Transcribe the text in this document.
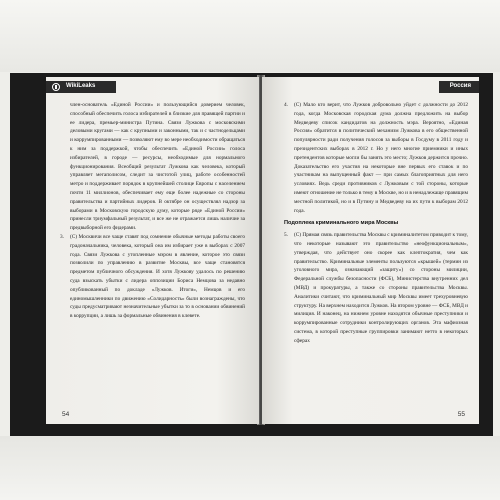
WikiLeaks

член-основатель «Единой России» и пользующийся доверием человек, способный обеспечить голоса избирателей в близкие для правящей партии и ее лидера, премьер-министра Путина. Связи Лужкова с московскими деловыми кругами — как с крупными и законными, так и с частнодельцами и коррумпированными — позволяют ему во мере необходимости обращаться к ним за поддержкой, чтобы обеспечить «Единой России» голоса избирателей, в городе — ресурсы, необходимые для нормального функционирования. Всеобщий результат Лужкова как человека, который управляет мегаполисом, следит за чистотой улиц, работе особенностей метро и поддерживает порядок в крупнейшей столице Европы с населением почти 11 миллионов, обеспечивает ему еще более надежные со стороны правительства и партийных лидеров. В октябре он осуществлял надзор за выборами в Московскую городскую думу, которые ряде «Единой России» принесли триумфальный результат, и все же не отражается лишь наличие за предвыборной его фидерами.

3. (С) Москвичи все чаще ставят под сомнение обычные методы работы своего градоначальника, человека, который она им избирает уже в выборах с 2007 года. Связи Лужкова с утопленные мэром в явление, которое это связи позволили по управлению в развитие Москвы, все чаще становятся предметом публичного обсуждения. И хотя Лужкову удалось по решению суда взыскать убытки с лидера оппозиции Бориса Немцова за недавно опубликованный по докладе «Лужков. Итоги», Немцов и его единомышленники по движению «Солидарность» были вознаграждены, что суды предусматривают незначительные убытки за то в основании обвинений в коррупции, а лишь за формальные обвинения в клевете.

54
Россия

4. (С) Мало кто верит, что Лужков добровольно уйдет с должности до 2012 года, когда Московская городская дума должна предложить на выбор Медведеву список кандидатов на должность мэра. Вероятно, «Единая Россия» обратится в политический механизм Лужкова в его общественной популярности ради получения голосов за выборы в Госдуму в 2011 году и президентских выборах в 2012 г. Но у него многие приемники и иных претендентов которые могли бы занять это место; Лужков держится прочно. Доказательство его участия на некоторые вне первых его ставок и по участникам на выпущенный факт — при самых благоприятных для него условиях. Ведь среди противников с Лужковым с той стороны, которые имеют отношение не только в тему в Москве, но и в ненадлежаще правящим местной политикой, но и в Путину и Медведеву на их пути к выборам 2012 года.

Подоплека криминального мира Москвы

5. (С) Прямая связь правительства Москвы с криминалитетом приводит к тому, что некоторые называют это правительство «неофункциональным», утверждая, что действует оно скорее как клептократия, чем как правительство. Криминальные элементы пользуются «крышей» (термин из уголовного мира, означающий «защиту») со стороны милиции, Федеральной службы безопасности (ФСБ), Министерства внутренних дел (МВД) и прокуратуры, а также со стороны правительства Москвы. Аналитики считают, что криминальный мир Москвы имеет трехуровневую структуру. На верхнем находится Лужков. На втором уровне — ФСБ, МВД и милиция. И наконец, на нижнем уровне находятся обычные преступники и коррумпированные сотрудники контролирующих органов. Эта мафиозная система, в которой преступные группировки занимают нетто в некоторых сферах

55
